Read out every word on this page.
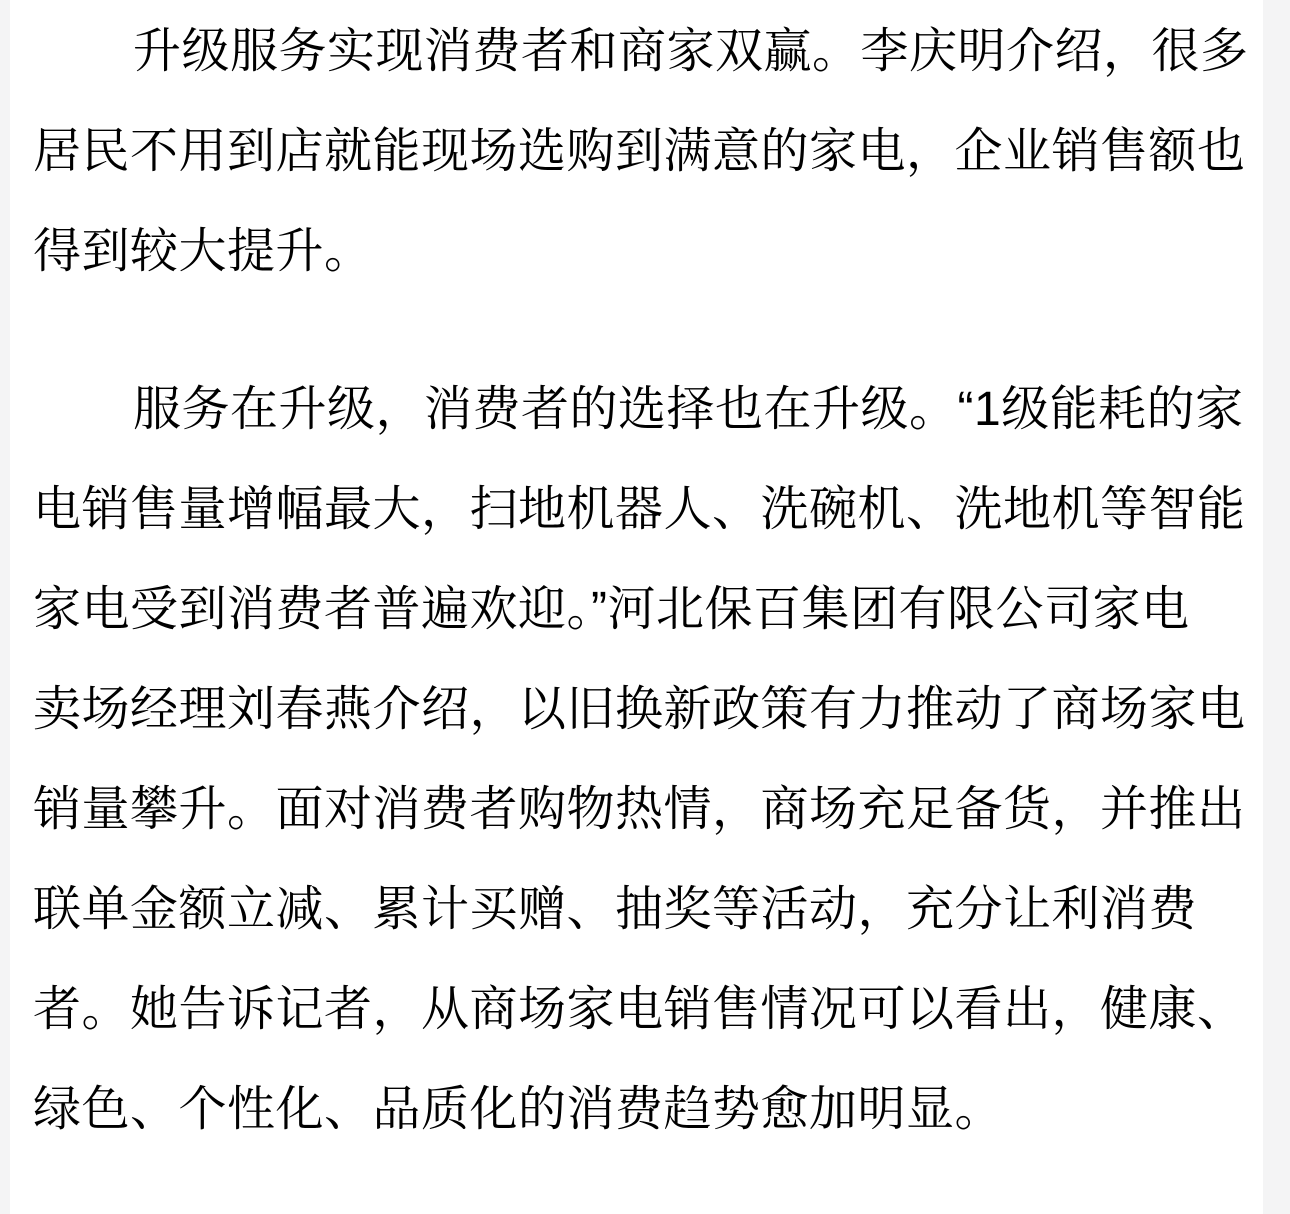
升级服务实现消费者和商家双赢。李庆明介绍，很多
居民不用到店就能现场选购到满意的家电，企业销售额也
得到较大提升。
服务在升级，消费者的选择也在升级。“1级能耗的家
电销售量增幅最大，扫地机器人、洗碗机、洗地机等智能
家电受到消费者普遍欢迎。”河北保百集团有限公司家电
卖场经理刘春燕介绍，以旧换新政策有力推动了商场家电
销量攀升。面对消费者购物热情，商场充足备货，并推出
联单金额立减、累计买赠、抽奖等活动，充分让利消费
者。她告诉记者，从商场家电销售情况可以看出，健康、
绿色、个性化、品质化的消费趋势愈加明显。
